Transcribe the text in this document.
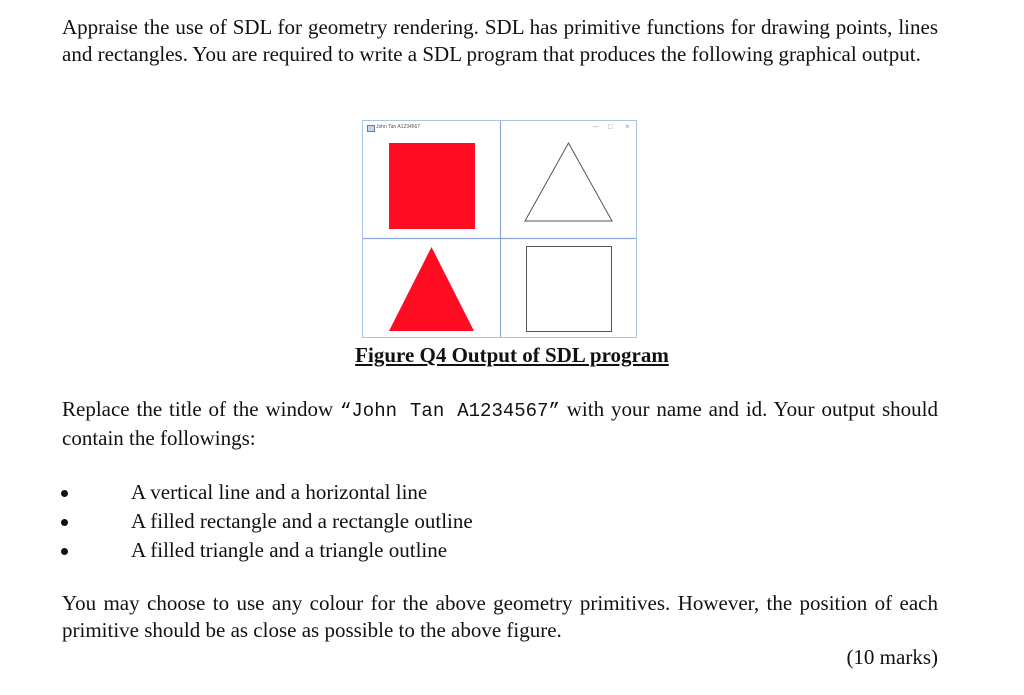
Appraise the use of SDL for geometry rendering. SDL has primitive functions for drawing points, lines and rectangles. You are required to write a SDL program that produces the following graphical output.

John Tan A1234567	– □ ×
Figure Q4 Output of SDL program

Replace the title of the window “John Tan A1234567” with your name and id. Your output should contain the followings:

A vertical line and a horizontal line
A filled rectangle and a rectangle outline
A filled triangle and a triangle outline

You may choose to use any colour for the above geometry primitives. However, the position of each primitive should be as close as possible to the above figure.

(10 marks)
